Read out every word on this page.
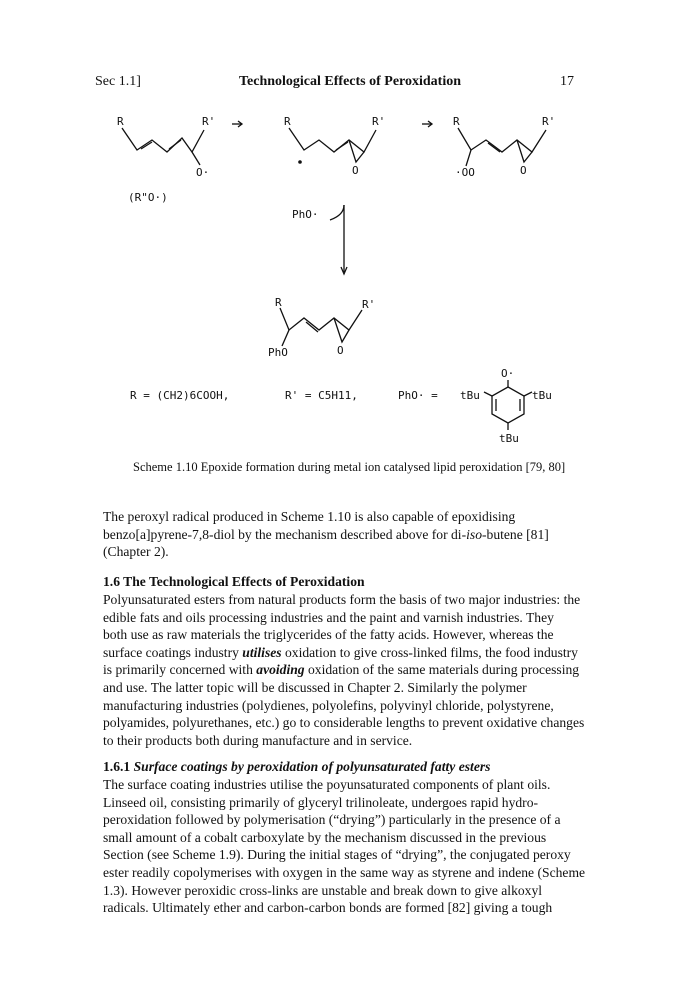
Sec 1.1]	Technological Effects of Peroxidation	17
R	R'
O·
(R"O·)
R	R'
O
R	R'
·OO	O
PhO·
R	R'
PhO	O
R = (CH2)6COOH,	R' = C5H11,	PhO· =
O·
tBu	tBu
tBu
Scheme 1.10 Epoxide formation during metal ion catalysed lipid peroxidation [79, 80]
The peroxyl radical produced in Scheme 1.10 is also capable of epoxidising
benzo[a]pyrene-7,8-diol by the mechanism described above for di-iso-butene [81]
(Chapter 2).
1.6 The Technological Effects of Peroxidation
Polyunsaturated esters from natural products form the basis of two major industries: the
edible fats and oils processing industries and the paint and varnish industries. They
both use as raw materials the triglycerides of the fatty acids. However, whereas the
surface coatings industry utilises oxidation to give cross-linked films, the food industry
is primarily concerned with avoiding oxidation of the same materials during processing
and use. The latter topic will be discussed in Chapter 2. Similarly the polymer
manufacturing industries (polydienes, polyolefins, polyvinyl chloride, polystyrene,
polyamides, polyurethanes, etc.) go to considerable lengths to prevent oxidative changes
to their products both during manufacture and in service.
1.6.1 Surface coatings by peroxidation of polyunsaturated fatty esters
The surface coating industries utilise the poyunsaturated components of plant oils.
Linseed oil, consisting primarily of glyceryl trilinoleate, undergoes rapid hydro-
peroxidation followed by polymerisation (“drying”) particularly in the presence of a
small amount of a cobalt carboxylate by the mechanism discussed in the previous
Section (see Scheme 1.9). During the initial stages of “drying”, the conjugated peroxy
ester readily copolymerises with oxygen in the same way as styrene and indene (Scheme
1.3). However peroxidic cross-links are unstable and break down to give alkoxyl
radicals. Ultimately ether and carbon-carbon bonds are formed [82] giving a tough
